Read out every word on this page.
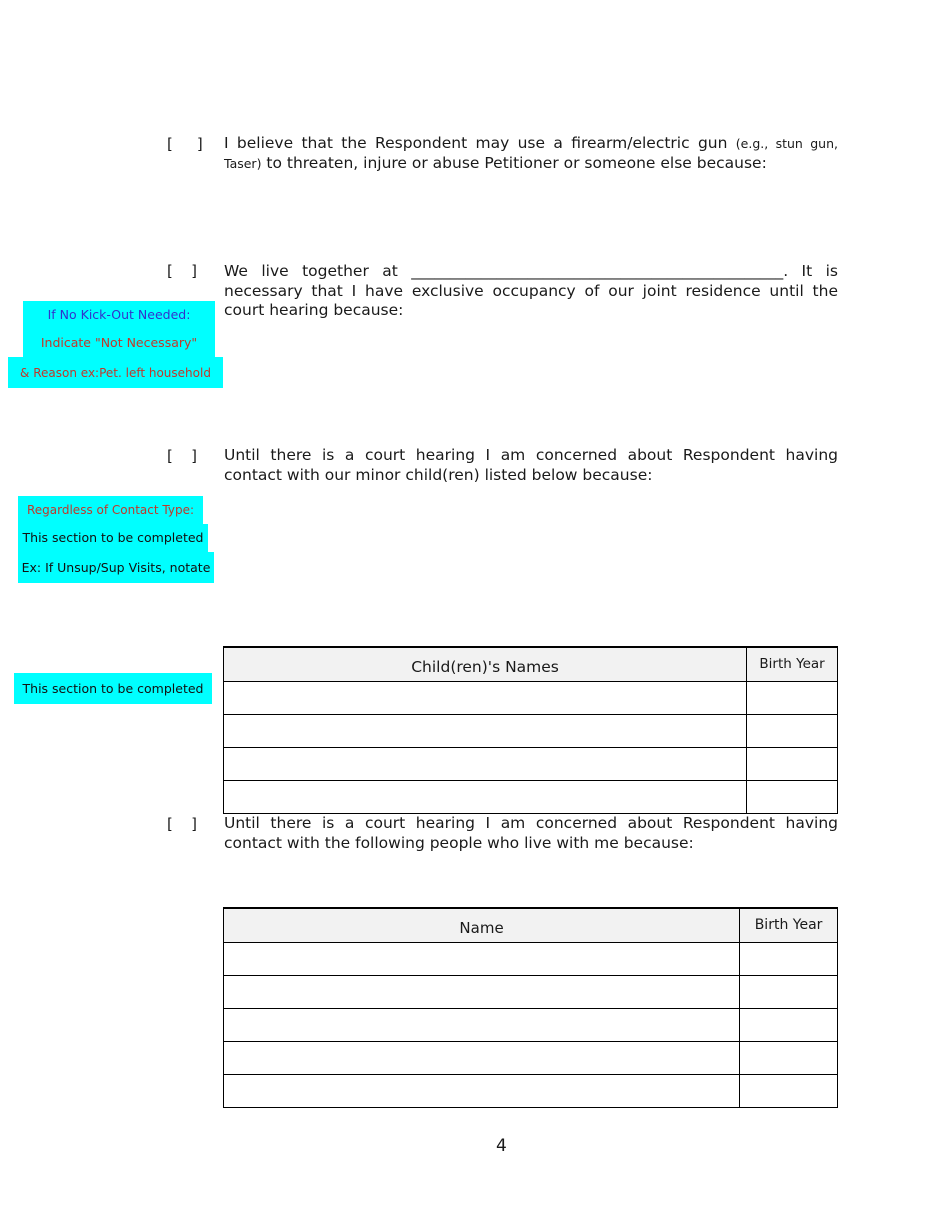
[    ] I believe that the Respondent may use a firearm/electric gun (e.g., stun gun, Taser) to threaten, injure or abuse Petitioner or someone else because:
[   ] We live together at ________________________________________________. It is necessary that I have exclusive occupancy of our joint residence until the court hearing because:
If No Kick-Out Needed:
Indicate "Not Necessary"
& Reason ex:Pet. left household
[   ] Until there is a court hearing I am concerned about Respondent having contact with our minor child(ren) listed below because:
Regardless of Contact Type:
This section to be completed
Ex: If Unsup/Sup Visits, notate
This section to be completed
Child(ren)'s Names	Birth Year

[   ] Until there is a court hearing I am concerned about Respondent having contact with the following people who live with me because:
Name	Birth Year

4
